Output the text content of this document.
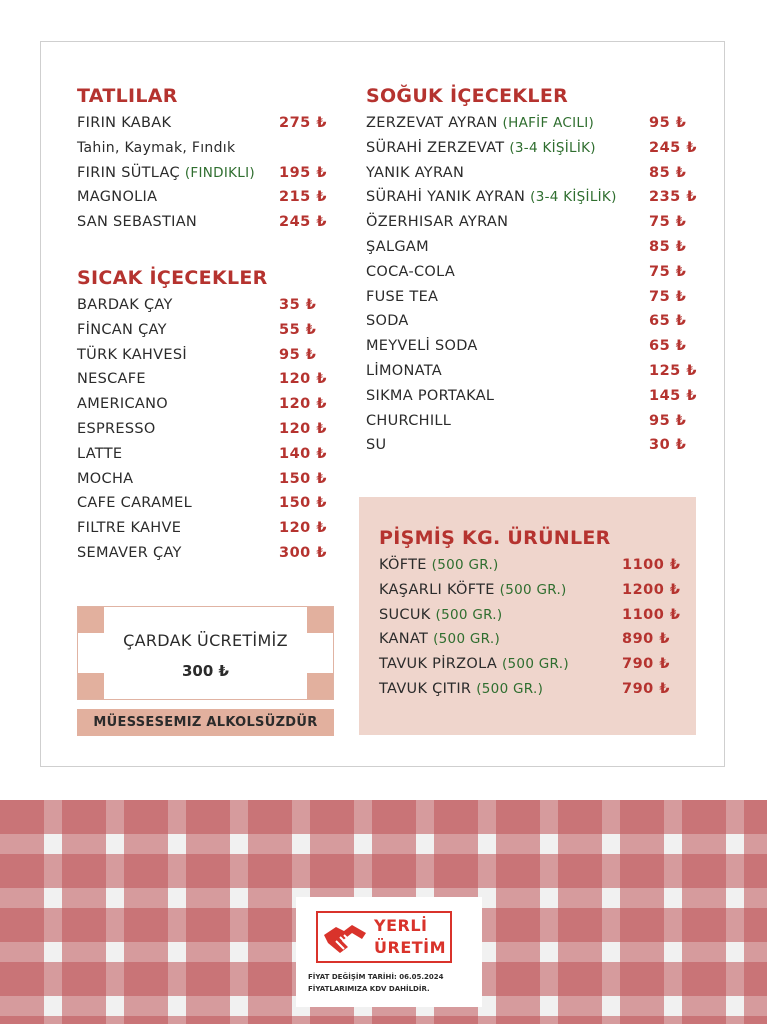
TATLILAR
FIRIN KABAK	275 ₺
Tahin, Kaymak, Fındık
FIRIN SÜTLAÇ (FINDIKLI) 195 ₺
MAGNOLIA	215 ₺
SAN SEBASTIAN	245 ₺
SICAK İÇECEKLER
BARDAK ÇAY	35 ₺
FİNCAN ÇAY	55 ₺
TÜRK KAHVESİ	95 ₺
NESCAFE	120 ₺
AMERICANO	120 ₺
ESPRESSO	120 ₺
LATTE	140 ₺
MOCHA	150 ₺
CAFE CARAMEL	150 ₺
FILTRE KAHVE	120 ₺
SEMAVER ÇAY	300 ₺
ÇARDAK ÜCRETİMİZ
300 ₺
MÜESSESEMIZ ALKOLSÜZDÜR
SOĞUK İÇECEKLER
ZERZEVAT AYRAN (HAFİF ACILI)	95 ₺
SÜRAHİ ZERZEVAT (3-4 KİŞİLİK)	245 ₺
YANIK AYRAN	85 ₺
SÜRAHİ YANIK AYRAN (3-4 KİŞİLİK) 235 ₺
ÖZERHISAR AYRAN	75 ₺
ŞALGAM	85 ₺
COCA-COLA	75 ₺
FUSE TEA	75 ₺
SODA	65 ₺
MEYVELİ SODA	65 ₺
LİMONATA	125 ₺
SIKMA PORTAKAL	145 ₺
CHURCHILL	95 ₺
SU	30 ₺
PİŞMİŞ KG. ÜRÜNLER
KÖFTE (500 GR.)	1100 ₺
KAŞARLI KÖFTE (500 GR.)	1200 ₺
SUCUK (500 GR.)	1100 ₺
KANAT (500 GR.)	890 ₺
TAVUK PİRZOLA (500 GR.)	790 ₺
TAVUK ÇITIR (500 GR.)	790 ₺
YERLİ
ÜRETİM
FİYAT DEĞİŞİM TARİHİ: 06.05.2024
FİYATLARIMIZA KDV DAHİLDİR.
